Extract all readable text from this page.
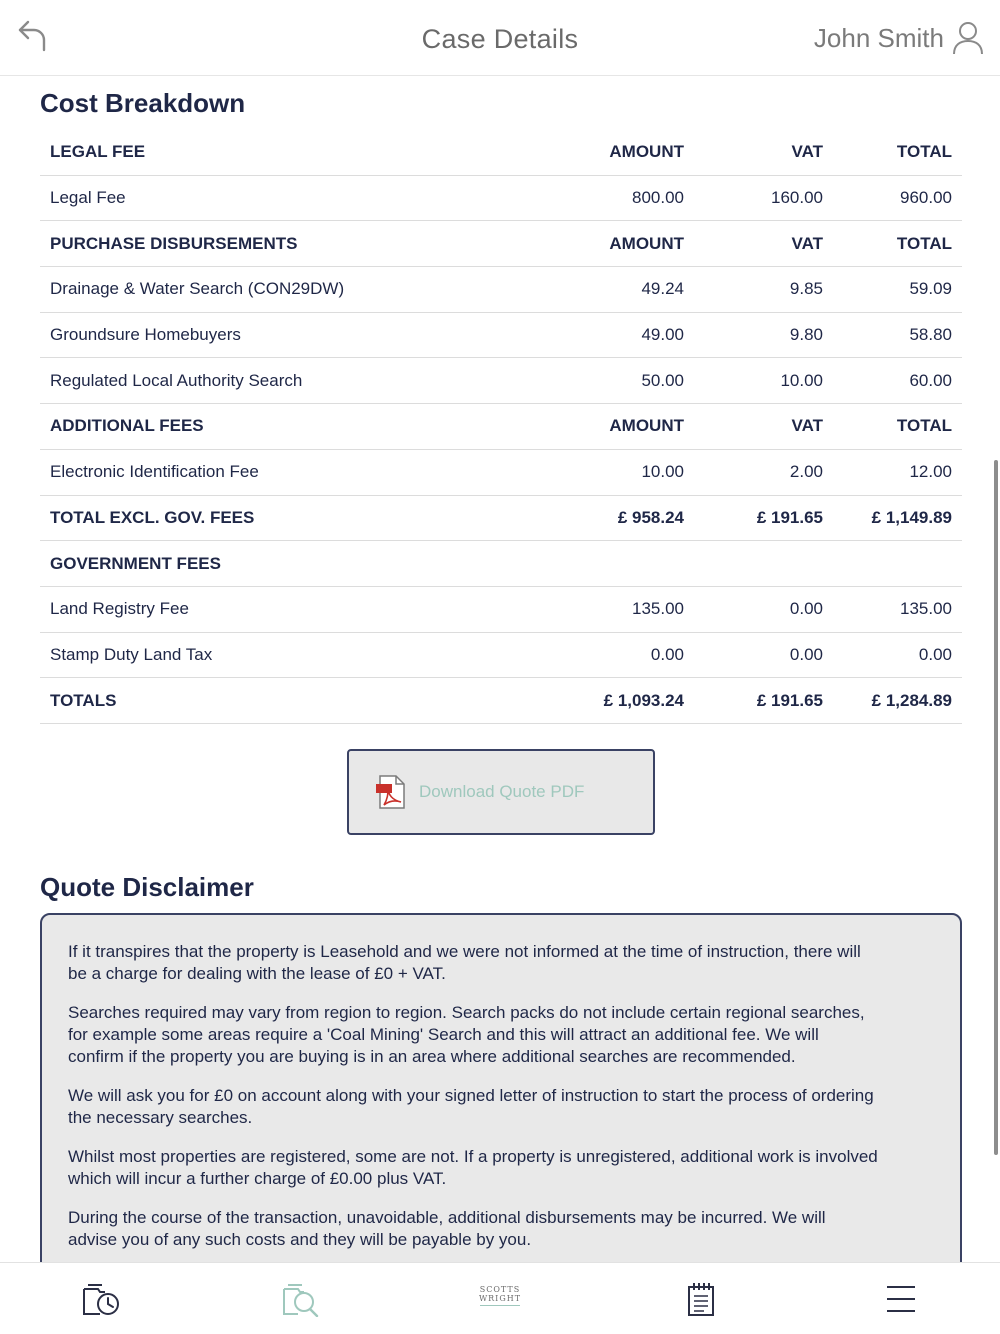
Case Details	John Smith
Cost Breakdown
LEGAL FEE	AMOUNT	VAT	TOTAL
Legal Fee	800.00	160.00	960.00
PURCHASE DISBURSEMENTS	AMOUNT	VAT	TOTAL
Drainage & Water Search (CON29DW)	49.24	9.85	59.09
Groundsure Homebuyers	49.00	9.80	58.80
Regulated Local Authority Search	50.00	10.00	60.00
ADDITIONAL FEES	AMOUNT	VAT	TOTAL
Electronic Identification Fee	10.00	2.00	12.00
TOTAL EXCL. GOV. FEES	£ 958.24	£ 191.65	£ 1,149.89
GOVERNMENT FEES
Land Registry Fee	135.00	0.00	135.00
Stamp Duty Land Tax	0.00	0.00	0.00
TOTALS	£ 1,093.24	£ 191.65	£ 1,284.89
Download Quote PDF
Quote Disclaimer

If it transpires that the property is Leasehold and we were not informed at the time of instruction, there will be a charge for dealing with the lease of £0 + VAT.

Searches required may vary from region to region. Search packs do not include certain regional searches, for example some areas require a 'Coal Mining' Search and this will attract an additional fee. We will confirm if the property you are buying is in an area where additional searches are recommended.

We will ask you for £0 on account along with your signed letter of instruction to start the process of ordering the necessary searches.

Whilst most properties are registered, some are not. If a property is unregistered, additional work is involved which will incur a further charge of £0.00 plus VAT.

During the course of the transaction, unavoidable, additional disbursements may be incurred. We will advise you of any such costs and they will be payable by you.

SCOTTS
WRIGHT
